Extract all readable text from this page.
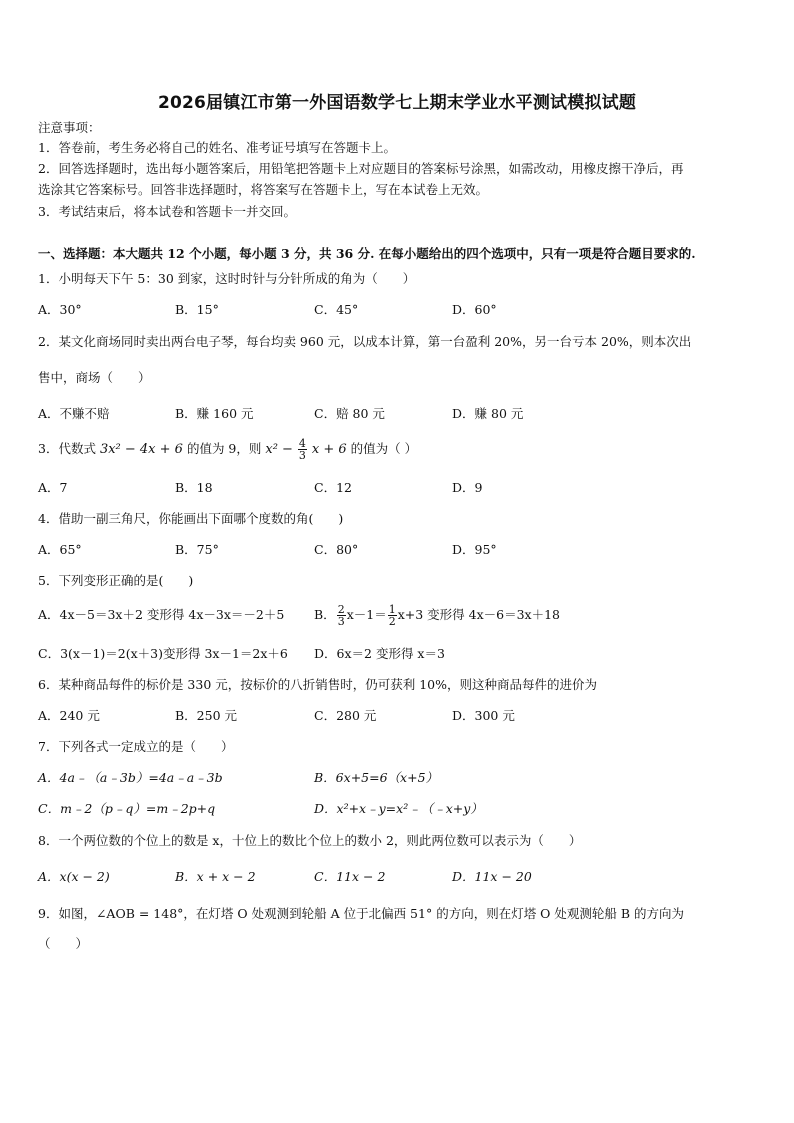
2026届镇江市第一外国语数学七上期末学业水平测试模拟试题
注意事项：
1．答卷前，考生务必将自己的姓名、准考证号填写在答题卡上。
2．回答选择题时，选出每小题答案后，用铅笔把答题卡上对应题目的答案标号涂黑，如需改动，用橡皮擦干净后，再
选涂其它答案标号。回答非选择题时，将答案写在答题卡上，写在本试卷上无效。
3．考试结束后，将本试卷和答题卡一并交回。
一、选择题：本大题共 12 个小题，每小题 3 分，共 36 分. 在每小题给出的四个选项中，只有一项是符合题目要求的.
1．小明每天下午 5：30 到家，这时时针与分针所成的角为（　　）
A．30°	B．15°	C．45°	D．60°
2．某文化商场同时卖出两台电子琴，每台均卖 960 元，以成本计算，第一台盈利 20%，另一台亏本 20%，则本次出
售中，商场（　　）
A．不赚不赔	B．赚 160 元	C．赔 80 元	D．赚 80 元
3．代数式 3x² − 4x + 6 的值为 9，则 $x^2 - \frac{4}{3}$ x + 6 的值为（ ）
A．7	B．18	C．12	D．9
4．借助一副三角尺，你能画出下面哪个度数的角(　　)
A．65°	B．75°	C．80°	D．95°
5．下列变形正确的是(　　)
A．4x－5＝3x＋2 变形得 4x－3x＝－2＋5 B． $\frac{2}{3} x-1= \frac{1}{2} x+3$ 变形得 4x－6＝3x＋18
C．3(x－1)＝2(x＋3)变形得 3x－1＝2x＋6 D．6x＝2 变形得 x＝3
6．某种商品每件的标价是 330 元，按标价的八折销售时，仍可获利 10%，则这种商品每件的进价为
A．240 元	B．250 元	C．280 元	D．300 元
7．下列各式一定成立的是（　　）
A．4a﹣（a﹣3b）=4a﹣a﹣3b	B．6x+5=6（x+5）
C．m﹣2（p﹣q）=m﹣2p+q	D．x²+x﹣y=x²﹣（﹣x+y）
8．一个两位数的个位上的数是 x，十位上的数比个位上的数小 2，则此两位数可以表示为（　　）
A．x(x − 2)	B．x + x − 2	C．11x − 2	D．11x − 20
9．如图，∠AOB = 148°，在灯塔 O 处观测到轮船 A 位于北偏西 51° 的方向，则在灯塔 O 处观测轮船 B 的方向为
（　　）
